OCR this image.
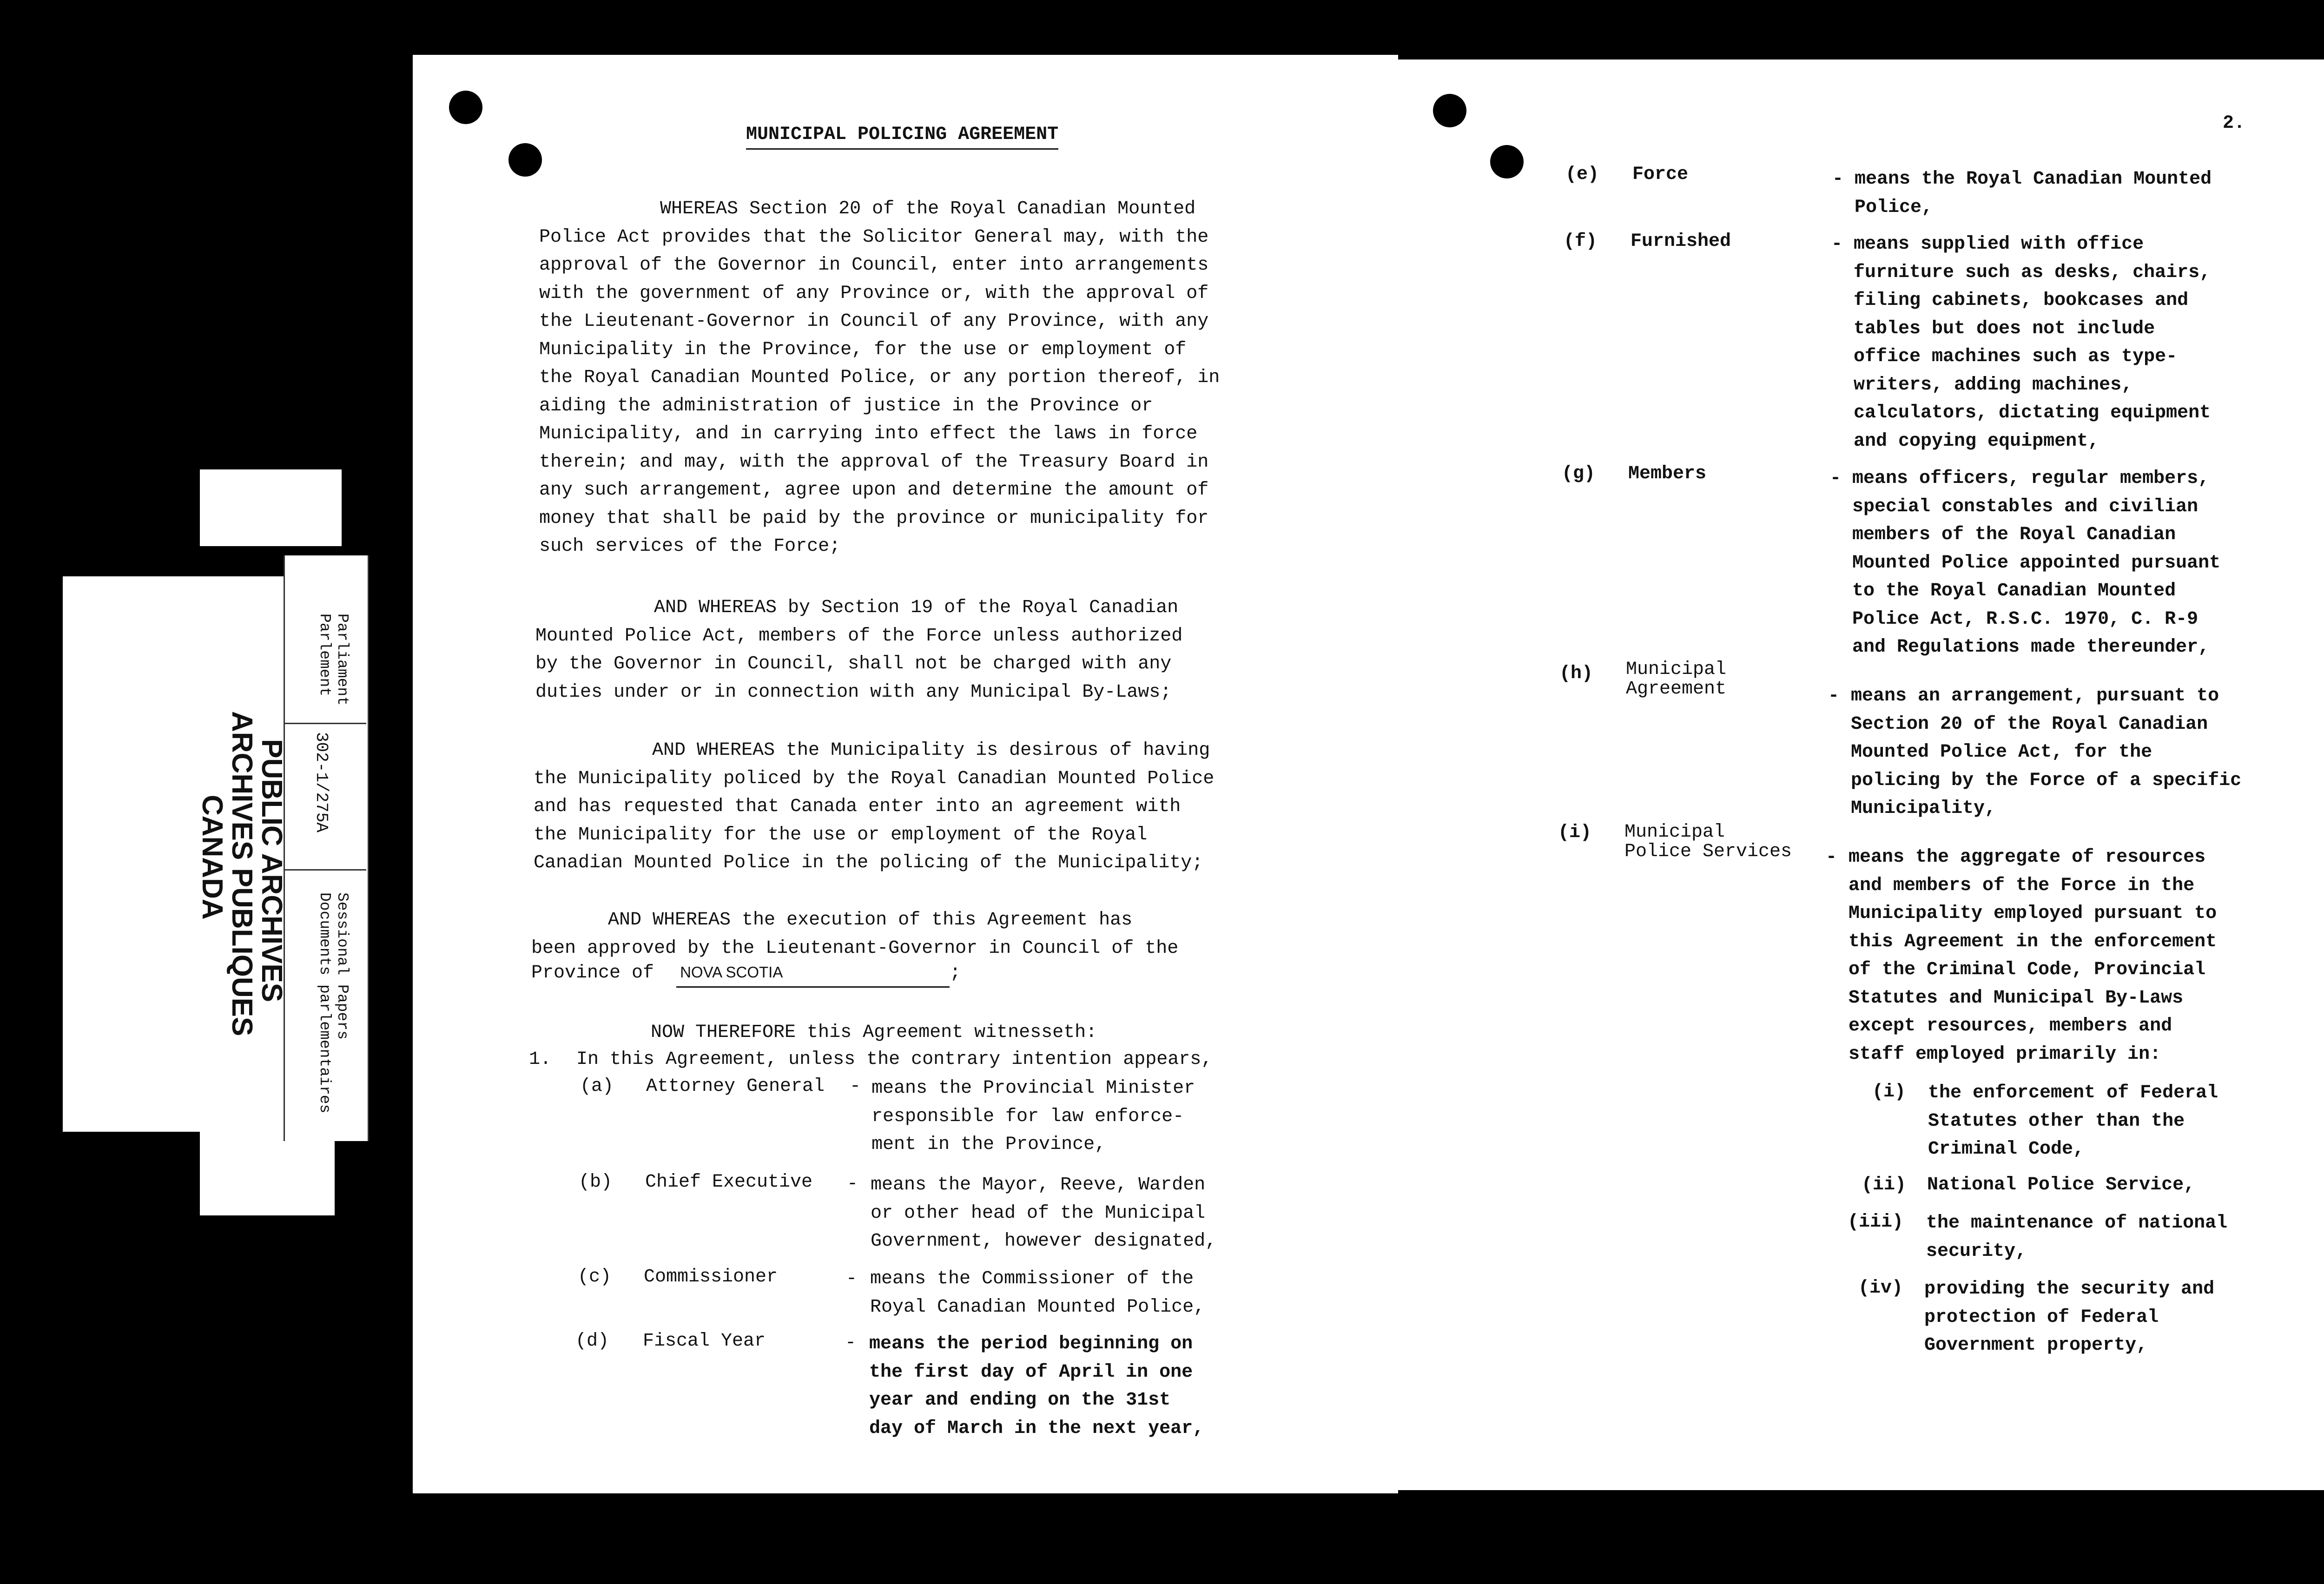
PUBLIC ARCHIVES
ARCHIVES PUBLIQUES
CANADA
Parliament
Parlement
302-1/275A
Sessional Papers
Documents parlementaires
MUNICIPAL POLICING AGREEMENT
WHEREAS Section 20 of the Royal Canadian Mounted
Police Act provides that the Solicitor General may, with the
approval of the Governor in Council, enter into arrangements
with the government of any Province or, with the approval of
the Lieutenant-Governor in Council of any Province, with any
Municipality in the Province, for the use or employment of
the Royal Canadian Mounted Police, or any portion thereof, in
aiding the administration of justice in the Province or
Municipality, and in carrying into effect the laws in force
therein; and may, with the approval of the Treasury Board in
any such arrangement, agree upon and determine the amount of
money that shall be paid by the province or municipality for
such services of the Force;
AND WHEREAS by Section 19 of the Royal Canadian
Mounted Police Act, members of the Force unless authorized
by the Governor in Council, shall not be charged with any
duties under or in connection with any Municipal By-Laws;
AND WHEREAS the Municipality is desirous of having
the Municipality policed by the Royal Canadian Mounted Police
and has requested that Canada enter into an agreement with
the Municipality for the use or employment of the Royal
Canadian Mounted Police in the policing of the Municipality;
AND WHEREAS the execution of this Agreement has
been approved by the Lieutenant-Governor in Council of the
Province of NOVA SCOTIA	;
NOW THEREFORE this Agreement witnesseth:
1. In this Agreement, unless the contrary intention appears,
(a) Attorney General - means the Provincial Minister
responsible for law enforce-
ment in the Province,
(b) Chief Executive - means the Mayor, Reeve, Warden
or other head of the Municipal
Government, however designated,
(c) Commissioner	- means the Commissioner of the
Royal Canadian Mounted Police,
(d) Fiscal Year	- means the period beginning on
the first day of April in one
year and ending on the 31st
day of March in the next year,
2.
(e) Force	- means the Royal Canadian Mounted
Police,
(f) Furnished	- means supplied with office
furniture such as desks, chairs,
filing cabinets, bookcases and
tables but does not include
office machines such as type-
writers, adding machines,
calculators, dictating equipment
and copying equipment,
(g) Members	- means officers, regular members,
special constables and civilian
members of the Royal Canadian
Mounted Police appointed pursuant
to the Royal Canadian Mounted
Police Act, R.S.C. 1970, C. R-9
and Regulations made thereunder,
(h) Municipal
Agreement	- means an arrangement, pursuant to
Section 20 of the Royal Canadian
Mounted Police Act, for the
policing by the Force of a specific
Municipality,
(i) Municipal
Police Services - means the aggregate of resources
and members of the Force in the
Municipality employed pursuant to
this Agreement in the enforcement
of the Criminal Code, Provincial
Statutes and Municipal By-Laws
except resources, members and
staff employed primarily in:
(i) the enforcement of Federal
Statutes other than the
Criminal Code,
(ii) National Police Service,
(iii) the maintenance of national
security,
(iv) providing the security and
protection of Federal
Government property,
